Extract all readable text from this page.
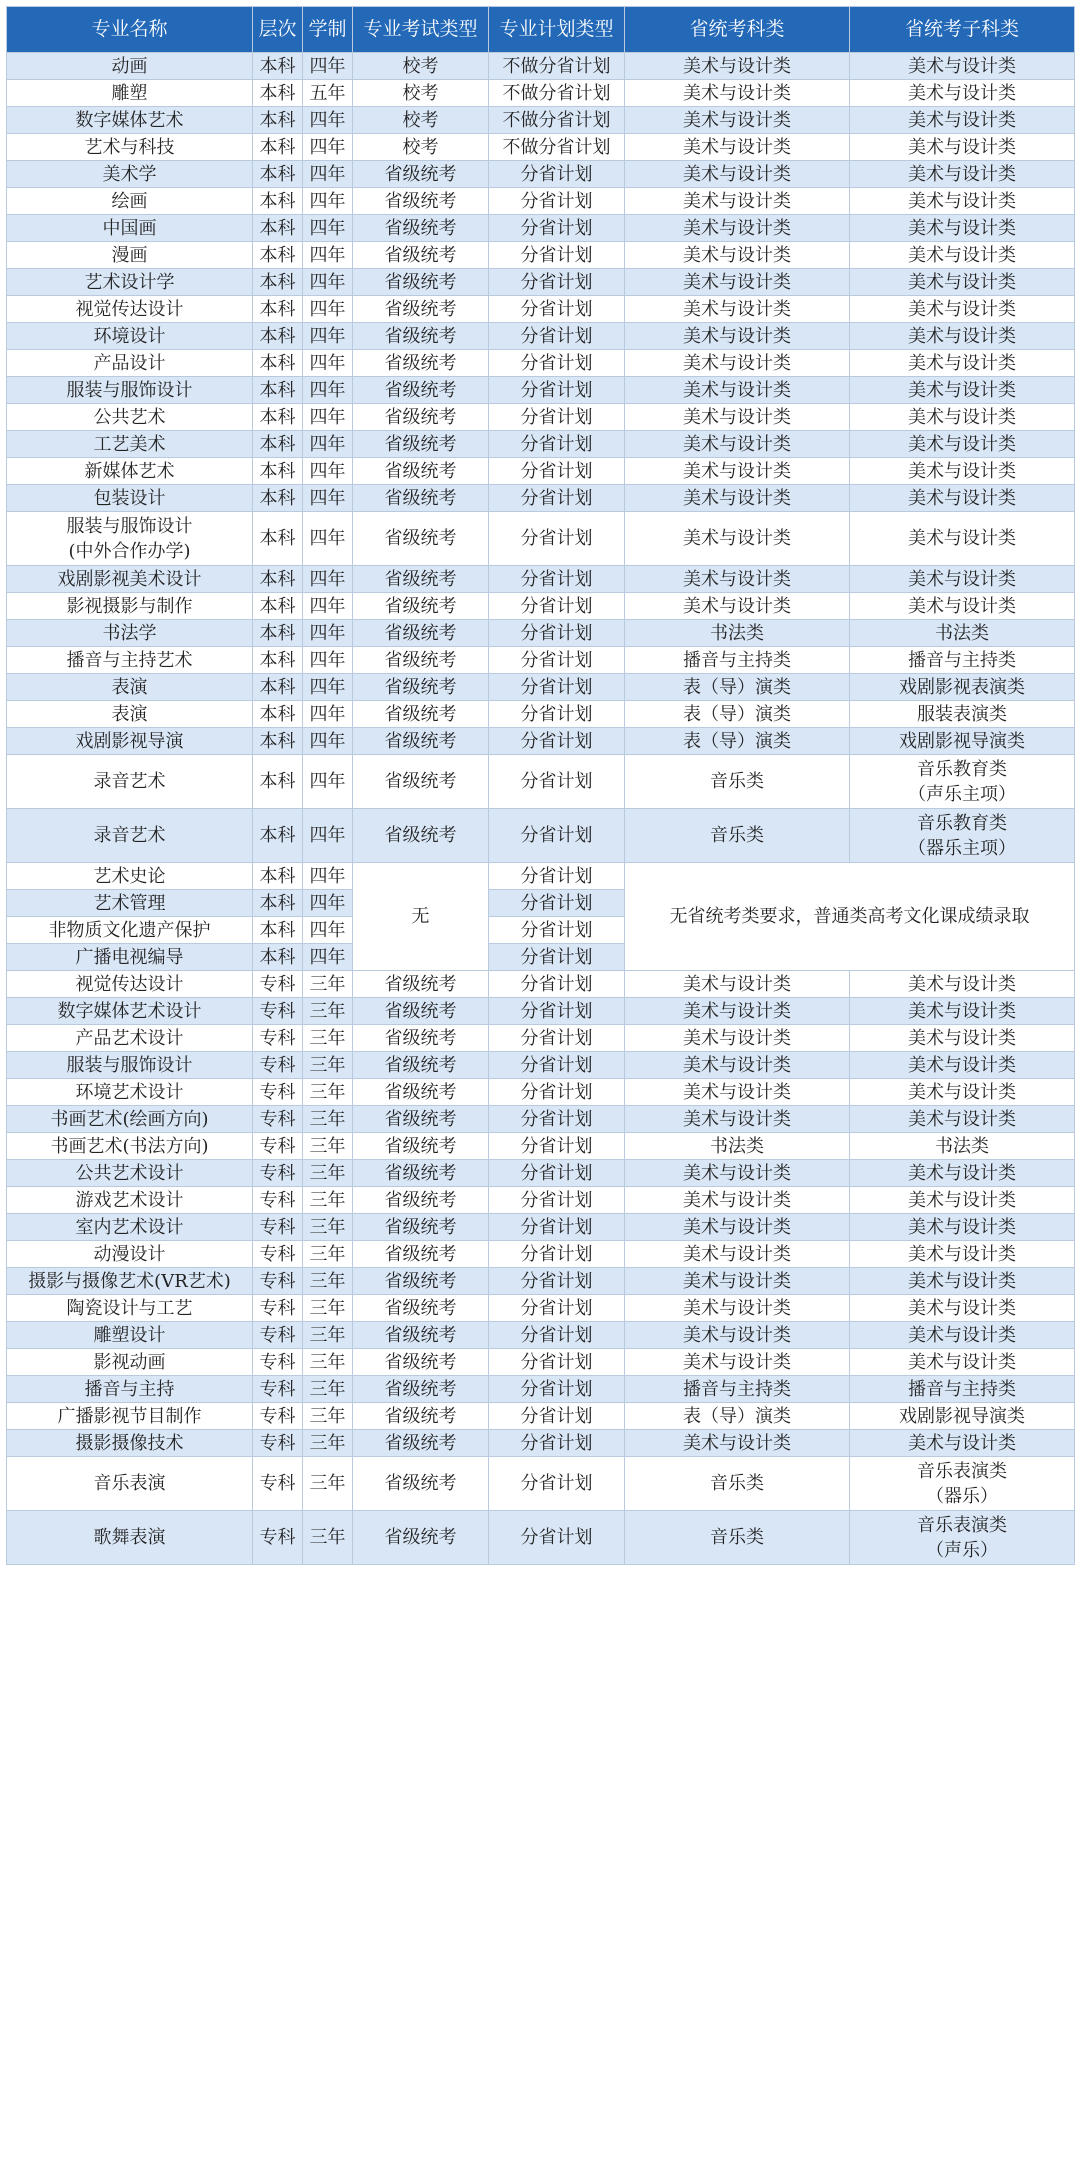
专业名称	层次	学制	专业考试类型	专业计划类型	省统考科类	省统考子科类
动画	本科	四年	校考	不做分省计划	美术与设计类	美术与设计类
雕塑	本科	五年	校考	不做分省计划	美术与设计类	美术与设计类
数字媒体艺术	本科	四年	校考	不做分省计划	美术与设计类	美术与设计类
艺术与科技	本科	四年	校考	不做分省计划	美术与设计类	美术与设计类
美术学	本科	四年	省级统考	分省计划	美术与设计类	美术与设计类
绘画	本科	四年	省级统考	分省计划	美术与设计类	美术与设计类
中国画	本科	四年	省级统考	分省计划	美术与设计类	美术与设计类
漫画	本科	四年	省级统考	分省计划	美术与设计类	美术与设计类
艺术设计学	本科	四年	省级统考	分省计划	美术与设计类	美术与设计类
视觉传达设计	本科	四年	省级统考	分省计划	美术与设计类	美术与设计类
环境设计	本科	四年	省级统考	分省计划	美术与设计类	美术与设计类
产品设计	本科	四年	省级统考	分省计划	美术与设计类	美术与设计类
服装与服饰设计	本科	四年	省级统考	分省计划	美术与设计类	美术与设计类
公共艺术	本科	四年	省级统考	分省计划	美术与设计类	美术与设计类
工艺美术	本科	四年	省级统考	分省计划	美术与设计类	美术与设计类
新媒体艺术	本科	四年	省级统考	分省计划	美术与设计类	美术与设计类
包装设计	本科	四年	省级统考	分省计划	美术与设计类	美术与设计类
服装与服饰设计
(中外合作办学)	本科	四年	省级统考	分省计划	美术与设计类	美术与设计类
戏剧影视美术设计	本科	四年	省级统考	分省计划	美术与设计类	美术与设计类
影视摄影与制作	本科	四年	省级统考	分省计划	美术与设计类	美术与设计类
书法学	本科	四年	省级统考	分省计划	书法类	书法类
播音与主持艺术	本科	四年	省级统考	分省计划	播音与主持类	播音与主持类
表演	本科	四年	省级统考	分省计划	表（导）演类	戏剧影视表演类
表演	本科	四年	省级统考	分省计划	表（导）演类	服装表演类
戏剧影视导演	本科	四年	省级统考	分省计划	表（导）演类	戏剧影视导演类
录音艺术	本科	四年	省级统考	分省计划	音乐类	音乐教育类
（声乐主项）
录音艺术	本科	四年	省级统考	分省计划	音乐类	音乐教育类
（器乐主项）
艺术史论	本科	四年	无	分省计划	无省统考类要求，普通类高考文化课成绩录取	
艺术管理	本科	四年		分省计划		
非物质文化遗产保护	本科	四年		分省计划		
广播电视编导	本科	四年		分省计划		
视觉传达设计	专科	三年	省级统考	分省计划	美术与设计类	美术与设计类
数字媒体艺术设计	专科	三年	省级统考	分省计划	美术与设计类	美术与设计类
产品艺术设计	专科	三年	省级统考	分省计划	美术与设计类	美术与设计类
服装与服饰设计	专科	三年	省级统考	分省计划	美术与设计类	美术与设计类
环境艺术设计	专科	三年	省级统考	分省计划	美术与设计类	美术与设计类
书画艺术(绘画方向)	专科	三年	省级统考	分省计划	美术与设计类	美术与设计类
书画艺术(书法方向)	专科	三年	省级统考	分省计划	书法类	书法类
公共艺术设计	专科	三年	省级统考	分省计划	美术与设计类	美术与设计类
游戏艺术设计	专科	三年	省级统考	分省计划	美术与设计类	美术与设计类
室内艺术设计	专科	三年	省级统考	分省计划	美术与设计类	美术与设计类
动漫设计	专科	三年	省级统考	分省计划	美术与设计类	美术与设计类
摄影与摄像艺术(VR艺术)	专科	三年	省级统考	分省计划	美术与设计类	美术与设计类
陶瓷设计与工艺	专科	三年	省级统考	分省计划	美术与设计类	美术与设计类
雕塑设计	专科	三年	省级统考	分省计划	美术与设计类	美术与设计类
影视动画	专科	三年	省级统考	分省计划	美术与设计类	美术与设计类
播音与主持	专科	三年	省级统考	分省计划	播音与主持类	播音与主持类
广播影视节目制作	专科	三年	省级统考	分省计划	表（导）演类	戏剧影视导演类
摄影摄像技术	专科	三年	省级统考	分省计划	美术与设计类	美术与设计类
音乐表演	专科	三年	省级统考	分省计划	音乐类	音乐表演类
（器乐）
歌舞表演	专科	三年	省级统考	分省计划	音乐类	音乐表演类
（声乐）
